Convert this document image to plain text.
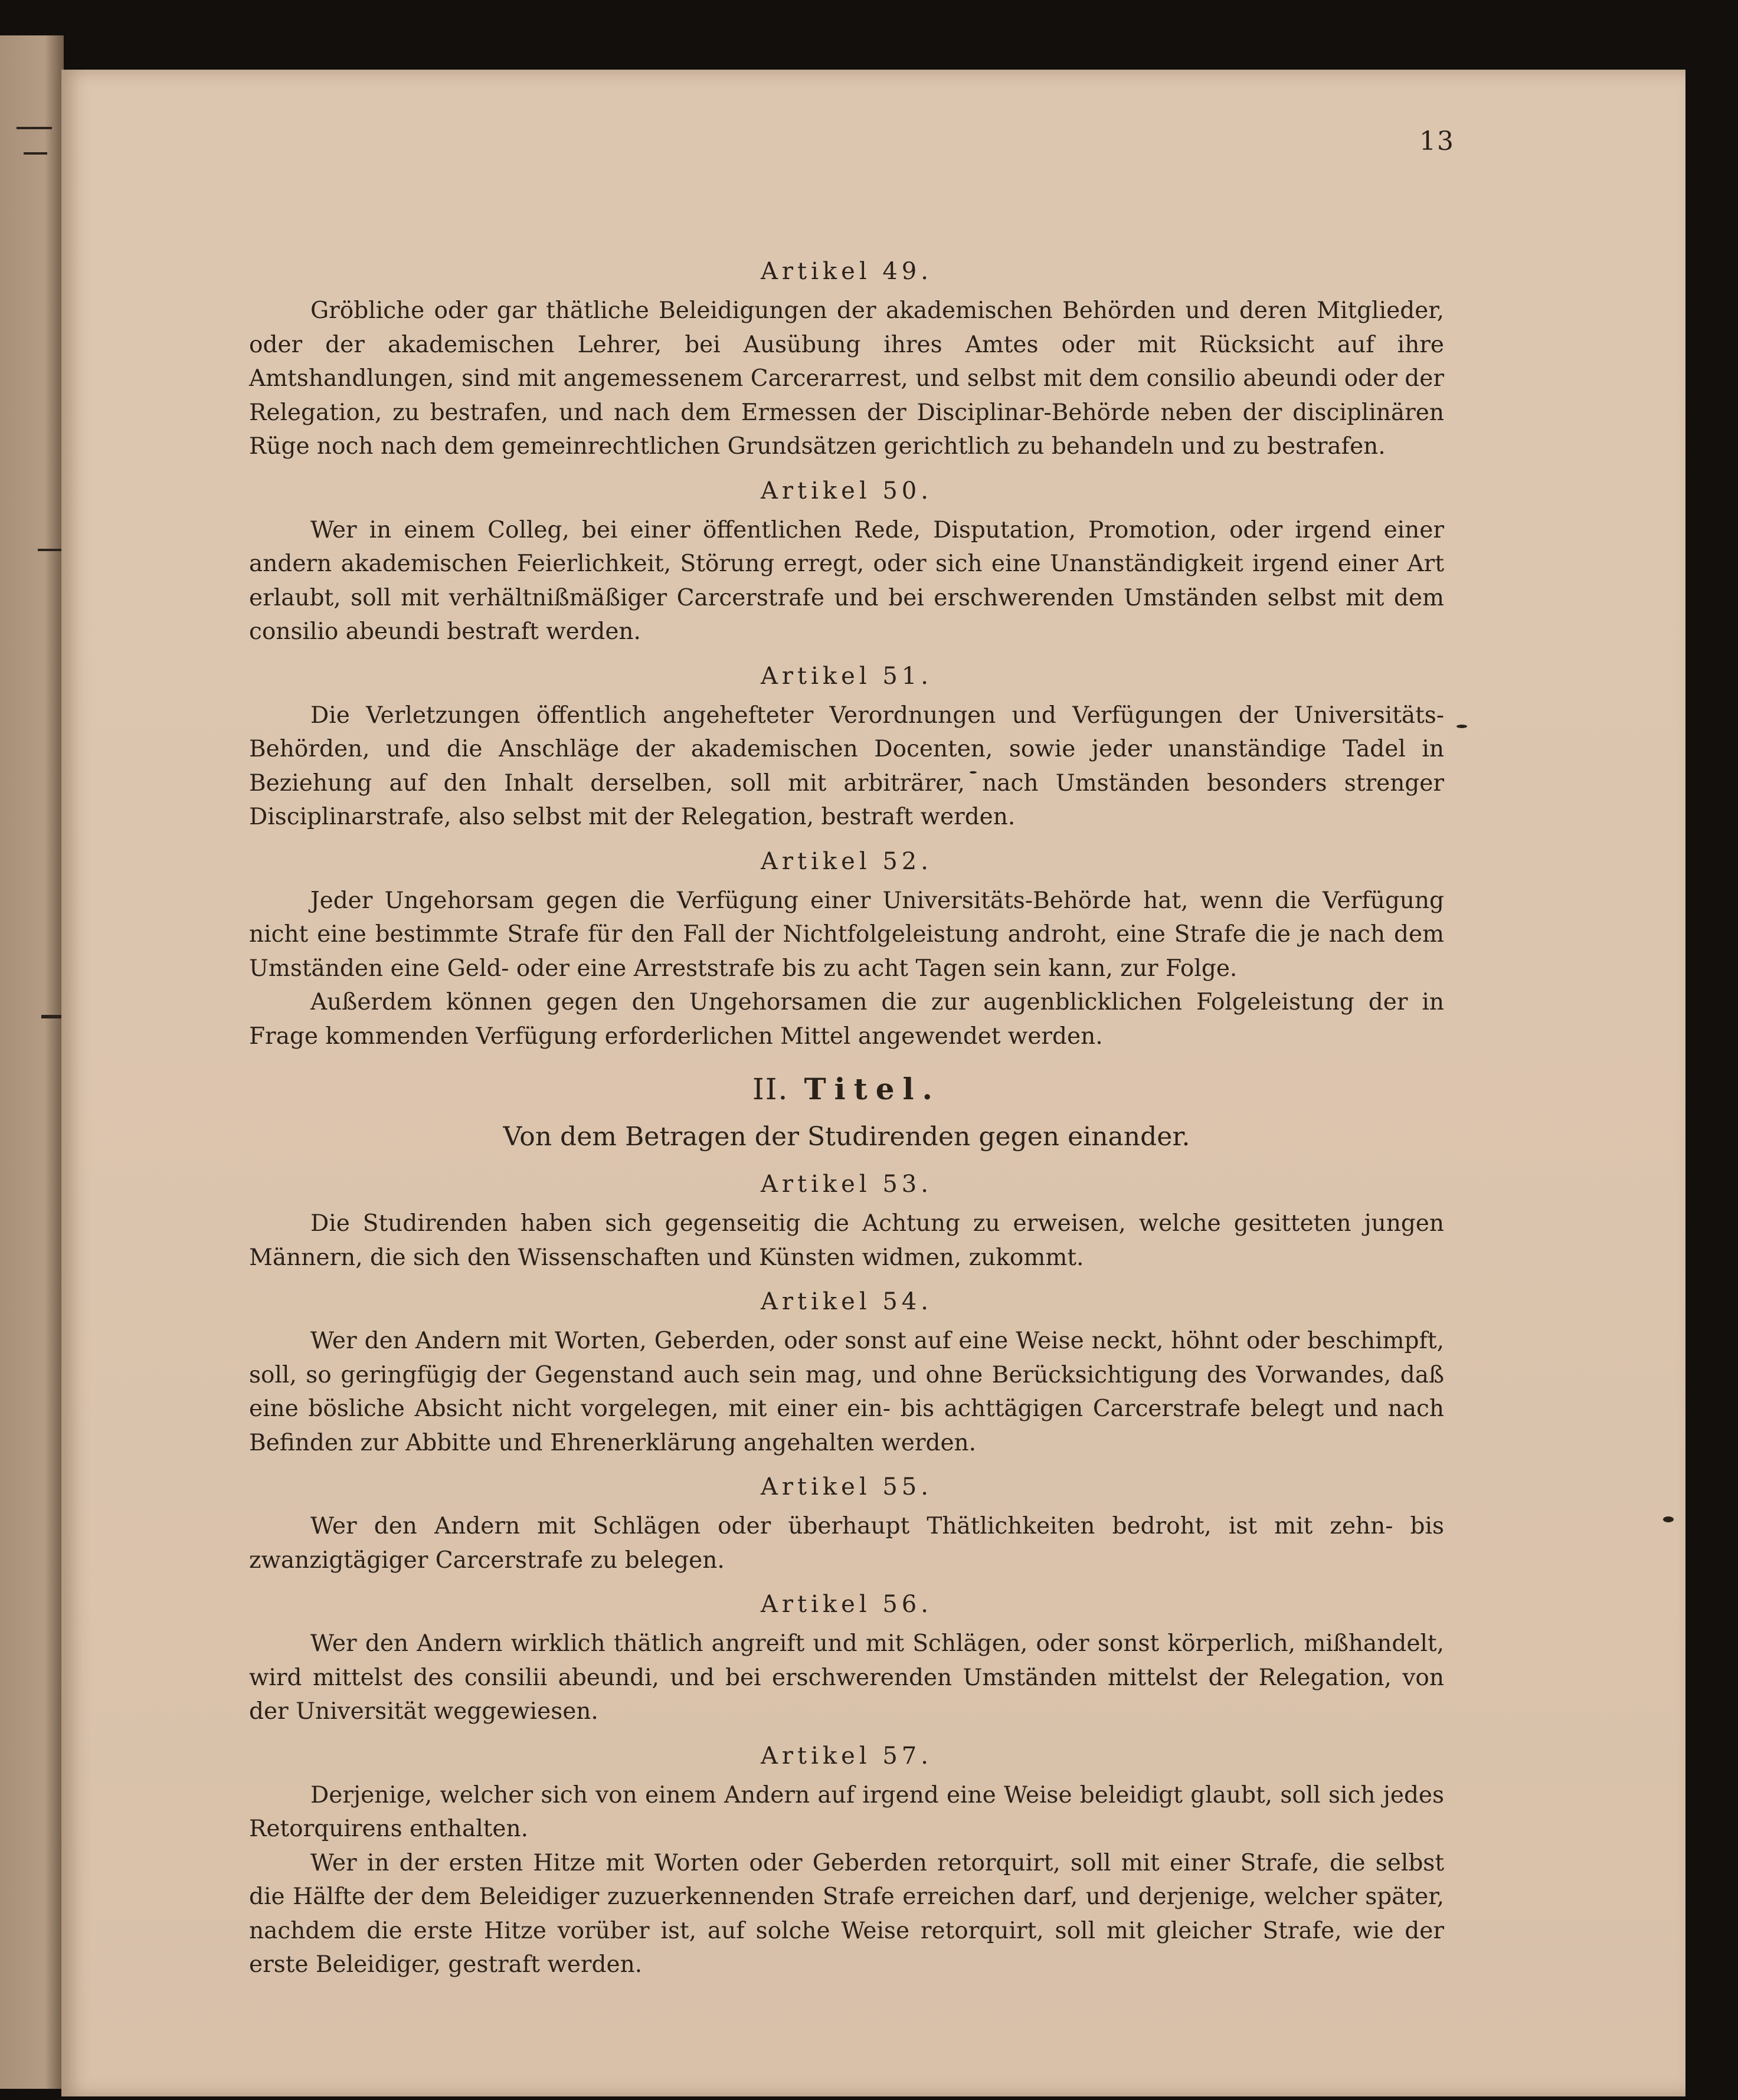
13

Artikel 49.

Gröbliche oder gar thätliche Beleidigungen der akademischen Behörden und deren Mitglieder, oder der akademischen Lehrer, bei Ausübung ihres Amtes oder mit Rücksicht auf ihre Amtshandlungen, sind mit angemessenem Carcerarrest, und selbst mit dem consilio abeundi oder der Relegation, zu bestrafen, und nach dem Ermessen der Disciplinar-Behörde neben der disciplinären Rüge noch nach dem gemeinrechtlichen Grundsätzen gerichtlich zu behandeln und zu bestrafen.

Artikel 50.

Wer in einem Colleg, bei einer öffentlichen Rede, Disputation, Promotion, oder irgend einer andern akademischen Feierlichkeit, Störung erregt, oder sich eine Unanständigkeit irgend einer Art erlaubt, soll mit verhältnißmäßiger Carcerstrafe und bei erschwerenden Umständen selbst mit dem consilio abeundi bestraft werden.

Artikel 51.

Die Verletzungen öffentlich angehefteter Verordnungen und Verfügungen der Universitäts-Behörden, und die Anschläge der akademischen Docenten, sowie jeder unanständige Tadel in Beziehung auf den Inhalt derselben, soll mit arbiträrer, nach Umständen besonders strenger Disciplinarstrafe, also selbst mit der Relegation, bestraft werden.

Artikel 52.

Jeder Ungehorsam gegen die Verfügung einer Universitäts-Behörde hat, wenn die Verfügung nicht eine bestimmte Strafe für den Fall der Nichtfolgeleistung androht, eine Strafe die je nach dem Umständen eine Geld- oder eine Arreststrafe bis zu acht Tagen sein kann, zur Folge.

Außerdem können gegen den Ungehorsamen die zur augenblicklichen Folgeleistung der in Frage kommenden Verfügung erforderlichen Mittel angewendet werden.

II. Titel.

Von dem Betragen der Studirenden gegen einander.

Artikel 53.

Die Studirenden haben sich gegenseitig die Achtung zu erweisen, welche gesitteten jungen Männern, die sich den Wissenschaften und Künsten widmen, zukommt.

Artikel 54.

Wer den Andern mit Worten, Geberden, oder sonst auf eine Weise neckt, höhnt oder beschimpft, soll, so geringfügig der Gegenstand auch sein mag, und ohne Berücksichtigung des Vorwandes, daß eine bösliche Absicht nicht vorgelegen, mit einer ein- bis achttägigen Carcerstrafe belegt und nach Befinden zur Abbitte und Ehrenerklärung angehalten werden.

Artikel 55.

Wer den Andern mit Schlägen oder überhaupt Thätlichkeiten bedroht, ist mit zehn- bis zwanzigtägiger Carcerstrafe zu belegen.

Artikel 56.

Wer den Andern wirklich thätlich angreift und mit Schlägen, oder sonst körperlich, mißhandelt, wird mittelst des consilii abeundi, und bei erschwerenden Umständen mittelst der Relegation, von der Universität weggewiesen.

Artikel 57.

Derjenige, welcher sich von einem Andern auf irgend eine Weise beleidigt glaubt, soll sich jedes Retorquirens enthalten.

Wer in der ersten Hitze mit Worten oder Geberden retorquirt, soll mit einer Strafe, die selbst die Hälfte der dem Beleidiger zuzuerkennenden Strafe erreichen darf, und derjenige, welcher später, nachdem die erste Hitze vorüber ist, auf solche Weise retorquirt, soll mit gleicher Strafe, wie der erste Beleidiger, gestraft werden.
